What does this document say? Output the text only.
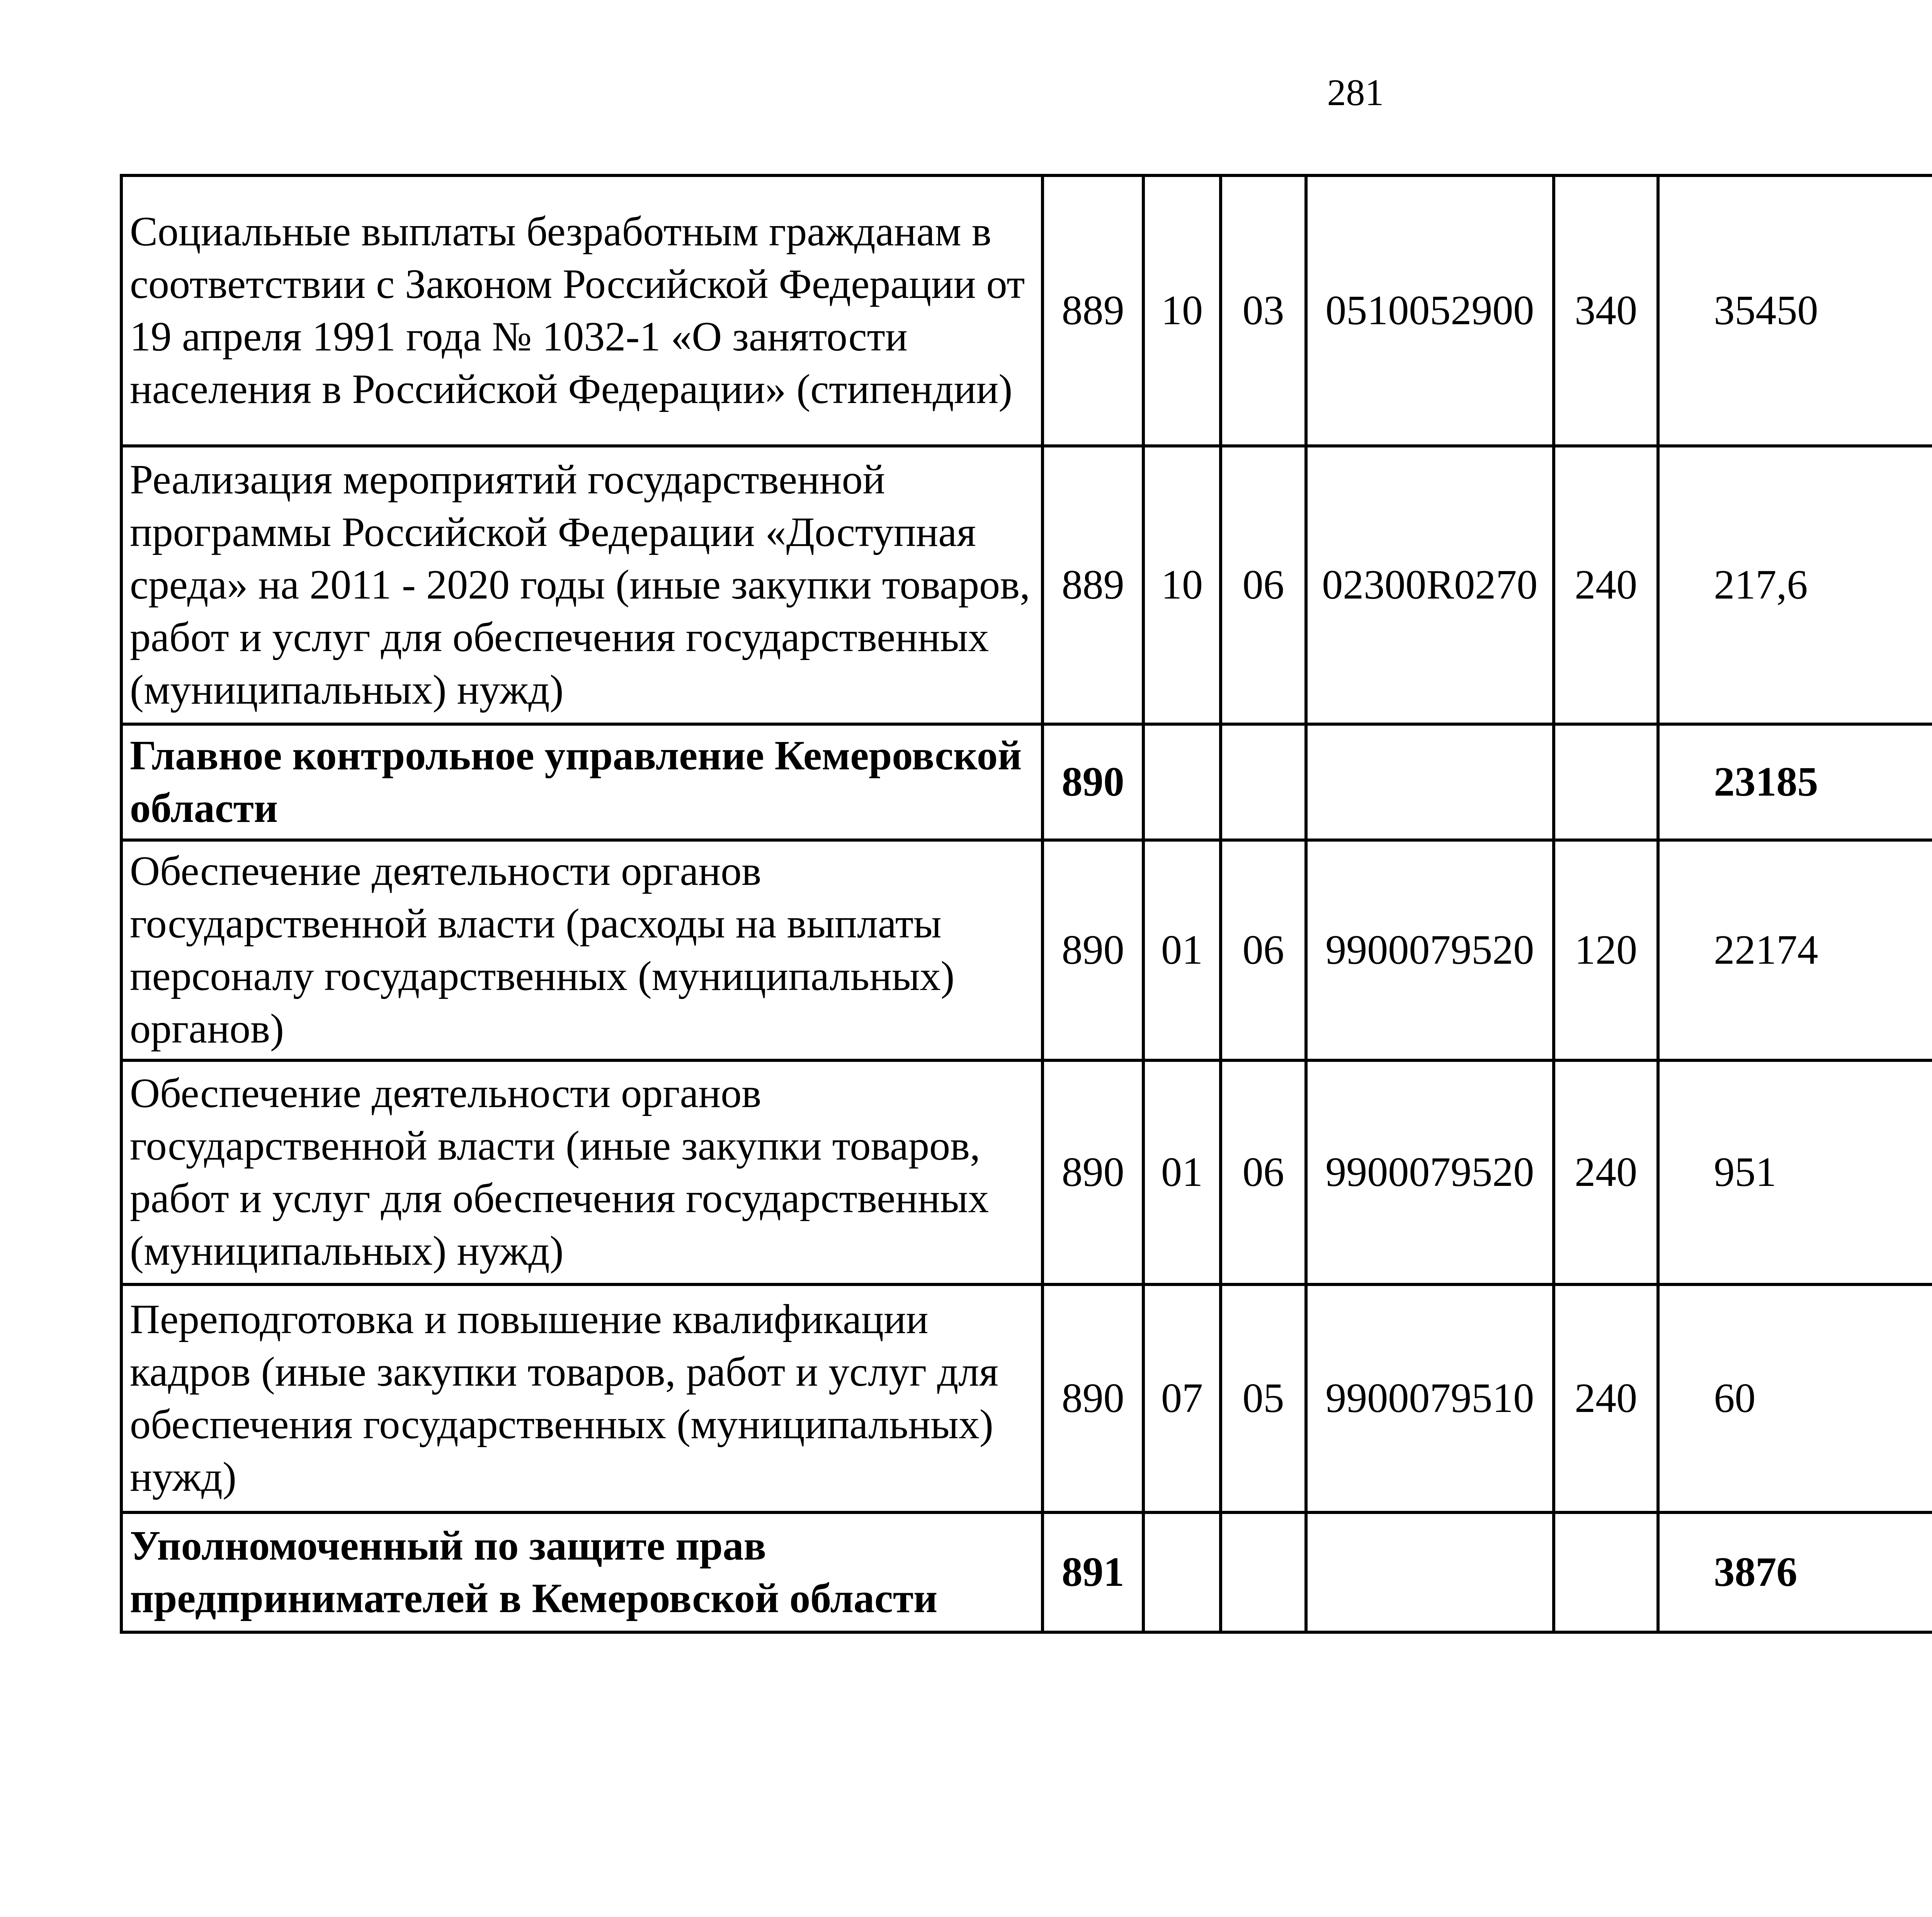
281
Социальные выплаты безработным гражданам в соответствии с Законом Российской Федерации от 19 апреля 1991 года № 1032-1 «О занятости населения в Российской Федерации» (стипендии)	889	10	03	0510052900	340	35450		
Реализация мероприятий государственной программы Российской Федерации «Доступная среда» на 2011 - 2020 годы (иные закупки товаров, работ и услуг для обеспечения государственных (муниципальных) нужд)	889	10	06	02300R0270	240	217,6		
Главное контрольное управление Кемеровской области	890					23185		
Обеспечение деятельности органов государственной власти (расходы на выплаты персоналу государственных (муниципальных) органов)	890	01	06	9900079520	120	22174		
Обеспечение деятельности органов государственной власти (иные закупки товаров, работ и услуг для обеспечения государственных (муниципальных) нужд)	890	01	06	9900079520	240	951		
Переподготовка и повышение квалификации кадров (иные закупки товаров, работ и услуг для обеспечения государственных (муниципальных) нужд)	890	07	05	9900079510	240	60		
Уполномоченный по защите прав предпринимателей в Кемеровской области	891					3876		
